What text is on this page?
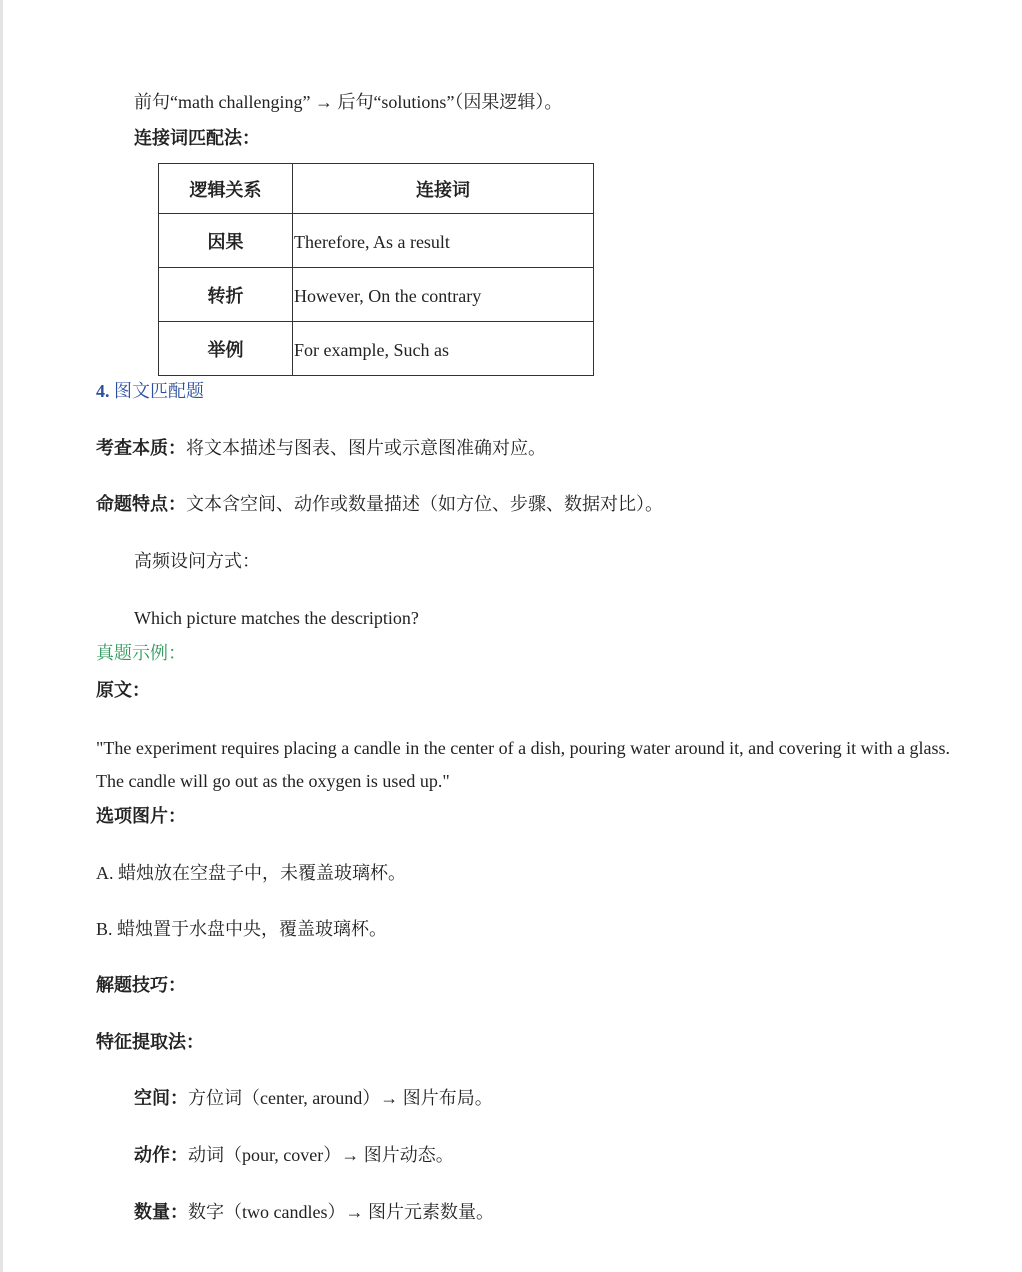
前句“math challenging” → 后句“solutions”（因果逻辑）。
连接词匹配法：
逻辑关系	连接词
因果	Therefore, As a result
转折	However, On the contrary
举例	For example, Such as
4. 图文匹配题
考查本质：将文本描述与图表、图片或示意图准确对应。
命题特点：文本含空间、动作或数量描述（如方位、步骤、数据对比）。
高频设问方式：
Which picture matches the description?
真题示例：
原文：
"The experiment requires placing a candle in the center of a dish, pouring water around it, and covering it with a glass. The candle will go out as the oxygen is used up."
选项图片：
A. 蜡烛放在空盘子中，未覆盖玻璃杯。
B. 蜡烛置于水盘中央，覆盖玻璃杯。
解题技巧：
特征提取法：
空间：方位词（center, around）→ 图片布局。
动作：动词（pour, cover）→ 图片动态。
数量：数字（two candles）→ 图片元素数量。
